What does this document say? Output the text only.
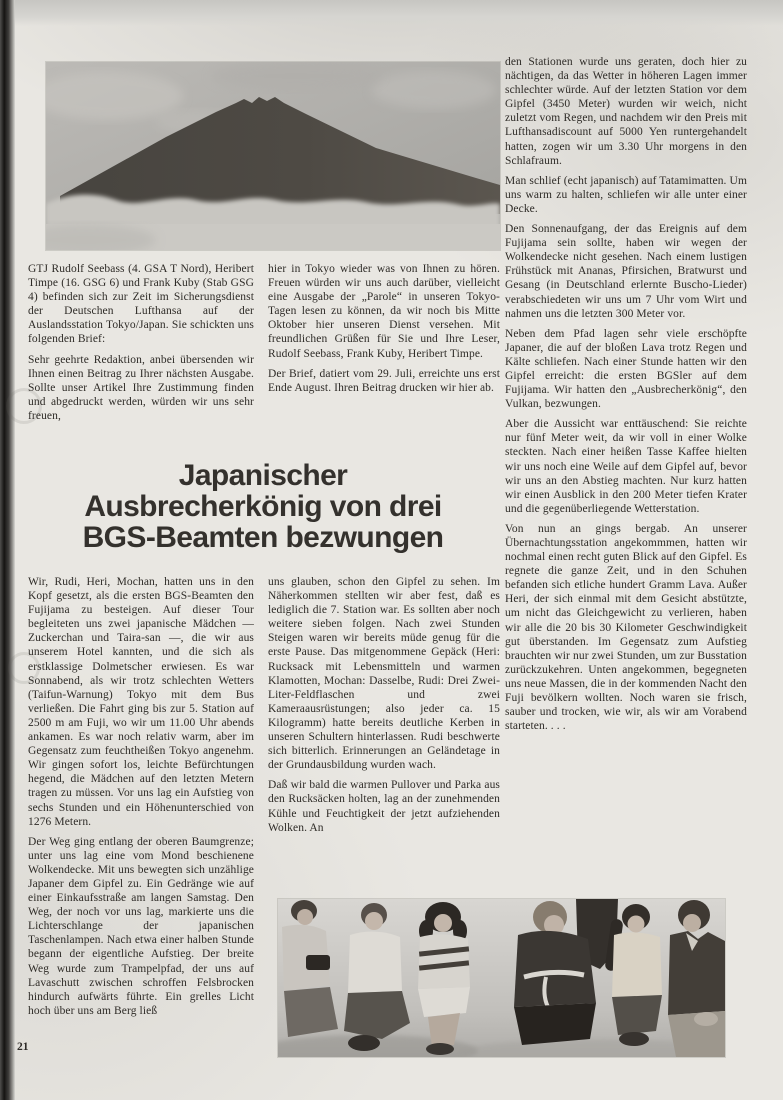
GTJ Rudolf Seebass (4. GSA T Nord), Heribert Timpe (16. GSG 6) und Frank Kuby (Stab GSG 4) befinden sich zur Zeit im Sicherungsdienst der Deutschen Lufthansa auf der Auslandsstation Tokyo/Japan. Sie schickten uns folgenden Brief:

Sehr geehrte Redaktion, anbei übersenden wir Ihnen einen Beitrag zu Ihrer nächsten Ausgabe. Sollte unser Artikel Ihre Zustimmung finden und abgedruckt werden, würden wir uns sehr freuen,

hier in Tokyo wieder was von Ihnen zu hören. Freuen würden wir uns auch darüber, vielleicht eine Ausgabe der „Parole“ in unseren Tokyo-Tagen lesen zu können, da wir noch bis Mitte Oktober hier unseren Dienst versehen. Mit freundlichen Grüßen für Sie und Ihre Leser, Rudolf Seebass, Frank Kuby, Heribert Timpe.

Der Brief, datiert vom 29. Juli, erreichte uns erst Ende August. Ihren Beitrag drucken wir hier ab.

Japanischer
Ausbrecherkönig von drei
BGS-Beamten bezwungen

Wir, Rudi, Heri, Mochan, hatten uns in den Kopf gesetzt, als die ersten BGS-Beamten den Fujijama zu besteigen. Auf dieser Tour begleiteten uns zwei japanische Mädchen — Zuckerchan und Taira-san —, die wir aus unserem Hotel kannten, und die sich als erstklassige Dolmetscher erwiesen. Es war Sonnabend, als wir trotz schlechten Wetters (Taifun-Warnung) Tokyo mit dem Bus verließen. Die Fahrt ging bis zur 5. Station auf 2500 m am Fuji, wo wir um 11.00 Uhr abends ankamen. Es war noch relativ warm, aber im Gegensatz zum feuchtheißen Tokyo angenehm. Wir gingen sofort los, leichte Befürchtungen hegend, die Mädchen auf den letzten Metern tragen zu müssen. Vor uns lag ein Aufstieg von sechs Stunden und ein Höhenunterschied von 1276 Metern.

Der Weg ging entlang der oberen Baumgrenze; unter uns lag eine vom Mond beschienene Wolkendecke. Mit uns bewegten sich unzählige Japaner dem Gipfel zu. Ein Gedränge wie auf einer Einkaufsstraße am langen Samstag. Den Weg, der noch vor uns lag, markierte uns die Lichterschlange der japanischen Taschenlampen. Nach etwa einer halben Stunde begann der eigentliche Aufstieg. Der breite Weg wurde zum Trampelpfad, der uns auf Lavaschutt zwischen schroffen Felsbrocken hindurch aufwärts führte. Ein grelles Licht hoch über uns am Berg ließ

uns glauben, schon den Gipfel zu sehen. Im Näherkommen stellten wir aber fest, daß es lediglich die 7. Station war. Es sollten aber noch weitere sieben folgen. Nach zwei Stunden Steigen waren wir bereits müde genug für die erste Pause. Das mitgenommene Gepäck (Heri: Rucksack mit Lebensmitteln und warmen Klamotten, Mochan: Dasselbe, Rudi: Drei Zwei-Liter-Feldflaschen und zwei Kameraausrüstungen; also jeder ca. 15 Kilogramm) hatte bereits deutliche Kerben in unseren Schultern hinterlassen. Rudi beschwerte sich bitterlich. Erinnerungen an Geländetage in der Grundausbildung wurden wach.

Daß wir bald die warmen Pullover und Parka aus den Rucksäcken holten, lag an der zunehmenden Kühle und Feuchtigkeit der jetzt aufziehenden Wolken. An

den Stationen wurde uns geraten, doch hier zu nächtigen, da das Wetter in höheren Lagen immer schlechter würde. Auf der letzten Station vor dem Gipfel (3450 Meter) wurden wir weich, nicht zuletzt vom Regen, und nachdem wir den Preis mit Lufthansadiscount auf 5000 Yen runtergehandelt hatten, zogen wir um 3.30 Uhr morgens in den Schlafraum.

Man schlief (echt japanisch) auf Tatamimatten. Um uns warm zu halten, schliefen wir alle unter einer Decke.

Den Sonnenaufgang, der das Ereignis auf dem Fujijama sein sollte, haben wir wegen der Wolkendecke nicht gesehen. Nach einem lustigen Frühstück mit Ananas, Pfirsichen, Bratwurst und Gesang (in Deutschland erlernte Buscho-Lieder) verabschiedeten wir uns um 7 Uhr vom Wirt und nahmen uns die letzten 300 Meter vor.

Neben dem Pfad lagen sehr viele erschöpfte Japaner, die auf der bloßen Lava trotz Regen und Kälte schliefen. Nach einer Stunde hatten wir den Gipfel erreicht: die ersten BGSler auf dem Fujijama. Wir hatten den „Ausbrecherkönig“, den Vulkan, bezwungen.

Aber die Aussicht war enttäuschend: Sie reichte nur fünf Meter weit, da wir voll in einer Wolke steckten. Nach einer heißen Tasse Kaffee hielten wir uns noch eine Weile auf dem Gipfel auf, bevor wir uns an den Abstieg machten. Nur kurz hatten wir einen Ausblick in den 200 Meter tiefen Krater und die gegenüberliegende Wetterstation.

Von nun an gings bergab. An unserer Übernachtungsstation angekommmen, hatten wir nochmal einen recht guten Blick auf den Gipfel. Es regnete die ganze Zeit, und in den Schuhen befanden sich etliche hundert Gramm Lava. Außer Heri, der sich einmal mit dem Gesicht abstützte, um nicht das Gleichgewicht zu verlieren, haben wir alle die 20 bis 30 Kilometer Geschwindigkeit gut überstanden. Im Gegensatz zum Aufstieg brauchten wir nur zwei Stunden, um zur Busstation zurückzukehren. Unten angekommen, begegneten uns neue Massen, die in der kommenden Nacht den Fuji bevölkern wollten. Noch waren sie frisch, sauber und trocken, wie wir, als wir am Vorabend starteten. . . .

21
